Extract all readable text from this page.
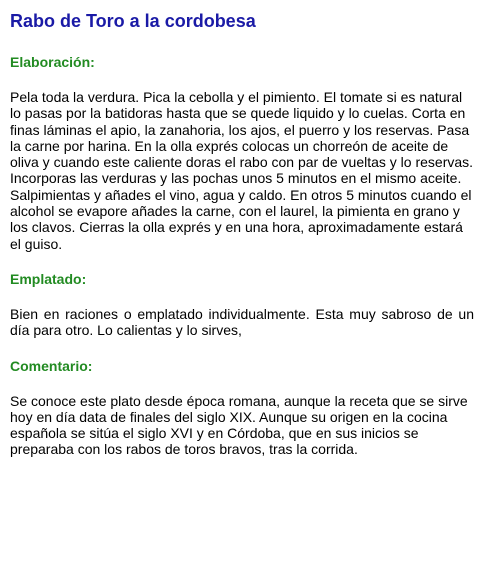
Rabo de Toro a la cordobesa
Elaboración:

Pela toda la verdura. Pica la cebolla y el pimiento. El tomate si es natural lo pasas por la batidoras hasta que se quede liquido y lo cuelas. Corta en finas láminas el apio, la zanahoria, los ajos, el puerro y los reservas. Pasa la carne por harina. En la olla exprés colocas un chorreón de aceite de oliva y cuando este caliente doras el rabo con par de vueltas y lo reservas. Incorporas las verduras y las pochas unos 5 minutos en el mismo aceite. Salpimientas y añades el vino, agua y caldo. En otros 5 minutos cuando el alcohol se evapore añades la carne, con el laurel, la pimienta en grano y los clavos. Cierras la olla exprés y en una hora, aproximadamente estará el guiso.

Emplatado:

Bien en raciones o emplatado individualmente. Esta muy sabroso de un día para otro. Lo calientas y lo sirves,

Comentario:

Se conoce este plato desde época romana, aunque la receta que se sirve hoy en día data de finales del siglo XIX. Aunque su origen en la cocina española se sitúa el siglo XVI y en Córdoba, que en sus inicios se preparaba con los rabos de toros bravos, tras la corrida.
